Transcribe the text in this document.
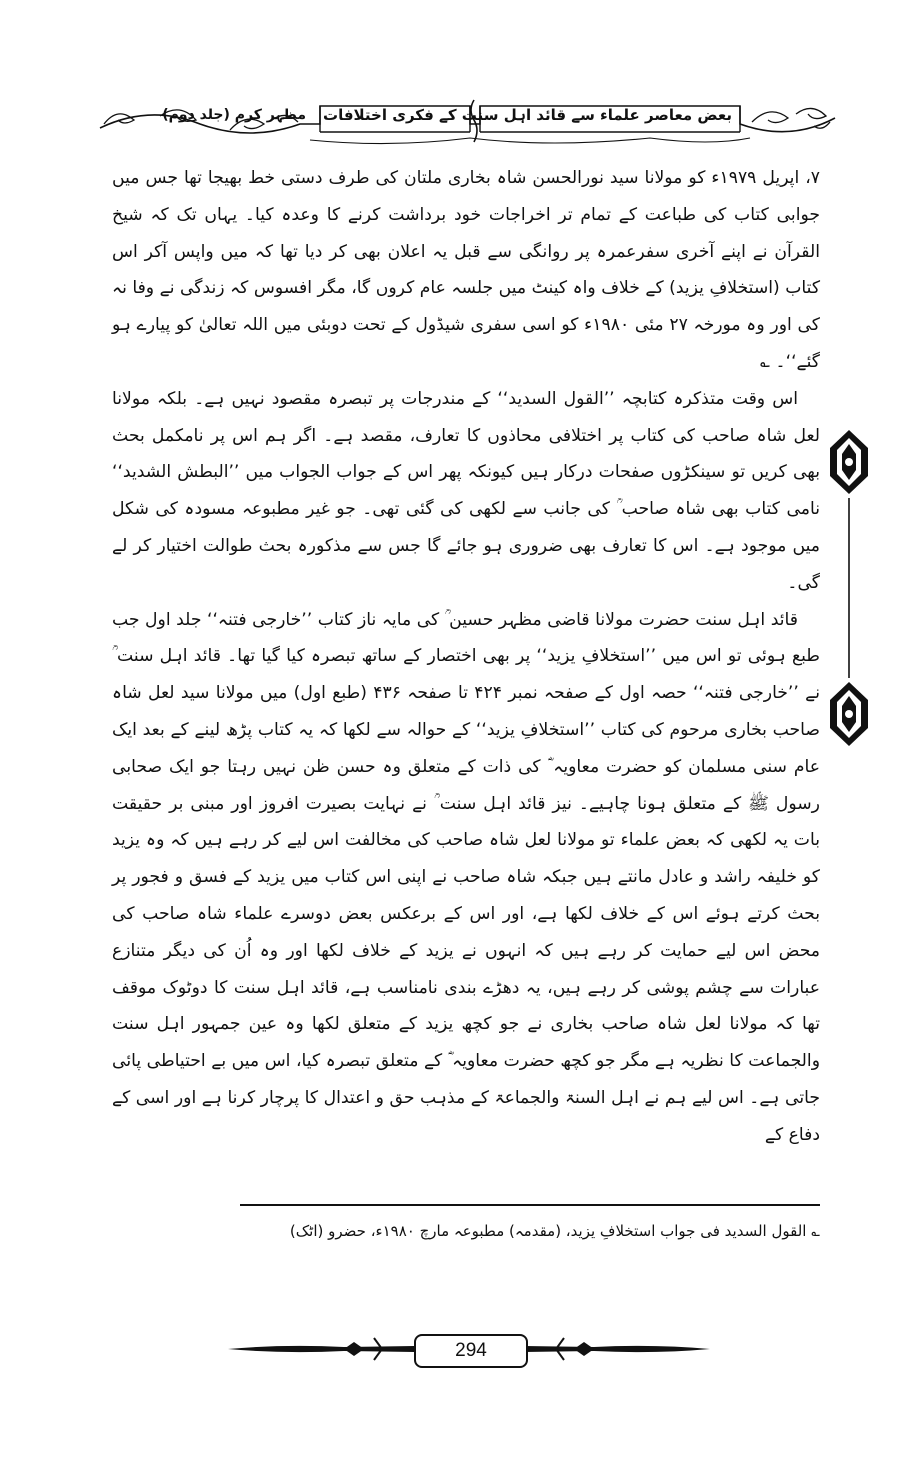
بعض معاصر علماء سے قائد اہل سنت کے فکری اختلافات
مظہر کرم (جلد دوم)

۷، اپریل ۱۹۷۹ء کو مولانا سید نورالحسن شاہ بخاری ملتان کی طرف دستی خط بھیجا تھا جس میں جوابی کتاب کی طباعت کے تمام تر اخراجات خود برداشت کرنے کا وعدہ کیا۔ یہاں تک کہ شیخ القرآن نے اپنے آخری سفرعمرہ پر روانگی سے قبل یہ اعلان بھی کر دیا تھا کہ میں واپس آکر اس کتاب (استخلافِ یزید) کے خلاف واہ کینٹ میں جلسہ عام کروں گا، مگر افسوس کہ زندگی نے وفا نہ کی اور وہ مورخہ ۲۷ مئی ۱۹۸۰ء کو اسی سفری شیڈول کے تحت دوبئی میں اللہ تعالیٰ کو پیارے ہو گئے‘‘۔ ؎

اس وقت متذکرہ کتابچہ ’’القول السدید‘‘ کے مندرجات پر تبصرہ مقصود نہیں ہے۔ بلکہ مولانا لعل شاہ صاحب کی کتاب پر اختلافی محاذوں کا تعارف، مقصد ہے۔ اگر ہم اس پر نامکمل بحث بھی کریں تو سینکڑوں صفحات درکار ہیں کیونکہ پھر اس کے جواب الجواب میں ’’البطش الشدید‘‘ نامی کتاب بھی شاہ صاحب ؒ کی جانب سے لکھی کی گئی تھی۔ جو غیر مطبوعہ مسودہ کی شکل میں موجود ہے۔ اس کا تعارف بھی ضروری ہو جائے گا جس سے مذکورہ بحث طوالت اختیار کر لے گی۔

قائد اہل سنت حضرت مولانا قاضی مظہر حسین ؒ کی مایہ ناز کتاب ’’خارجی فتنہ‘‘ جلد اول جب طبع ہوئی تو اس میں ’’استخلافِ یزید‘‘ پر بھی اختصار کے ساتھ تبصرہ کیا گیا تھا۔ قائد اہل سنت ؒ نے ’’خارجی فتنہ‘‘ حصہ اول کے صفحہ نمبر ۴۲۴ تا صفحہ ۴۳۶ (طبع اول) میں مولانا سید لعل شاہ صاحب بخاری مرحوم کی کتاب ’’استخلافِ یزید‘‘ کے حوالہ سے لکھا کہ یہ کتاب پڑھ لینے کے بعد ایک عام سنی مسلمان کو حضرت معاویہ ؓ کی ذات کے متعلق وہ حسن ظن نہیں رہتا جو ایک صحابی رسول ﷺ کے متعلق ہونا چاہیے۔ نیز قائد اہل سنت ؒ نے نہایت بصیرت افروز اور مبنی بر حقیقت بات یہ لکھی کہ بعض علماء تو مولانا لعل شاہ صاحب کی مخالفت اس لیے کر رہے ہیں کہ وہ یزید کو خلیفہ راشد و عادل مانتے ہیں جبکہ شاہ صاحب نے اپنی اس کتاب میں یزید کے فسق و فجور پر بحث کرتے ہوئے اس کے خلاف لکھا ہے، اور اس کے برعکس بعض دوسرے علماء شاہ صاحب کی محض اس لیے حمایت کر رہے ہیں کہ انہوں نے یزید کے خلاف لکھا اور وہ اُن کی دیگر متنازع عبارات سے چشم پوشی کر رہے ہیں، یہ دھڑے بندی نامناسب ہے، قائد اہل سنت کا دوٹوک موقف تھا کہ مولانا لعل شاہ صاحب بخاری نے جو کچھ یزید کے متعلق لکھا وہ عین جمہور اہل سنت والجماعت کا نظریہ ہے مگر جو کچھ حضرت معاویہ ؓ کے متعلق تبصرہ کیا، اس میں بے احتیاطی پائی جاتی ہے۔ اس لیے ہم نے اہل السنۃ والجماعۃ کے مذہب حق و اعتدال کا پرچار کرنا ہے اور اسی کے دفاع کے

؎ القول السدید فی جواب استخلافِ یزید، (مقدمہ) مطبوعہ مارچ ۱۹۸۰ء، حضرو (اٹک)
294
